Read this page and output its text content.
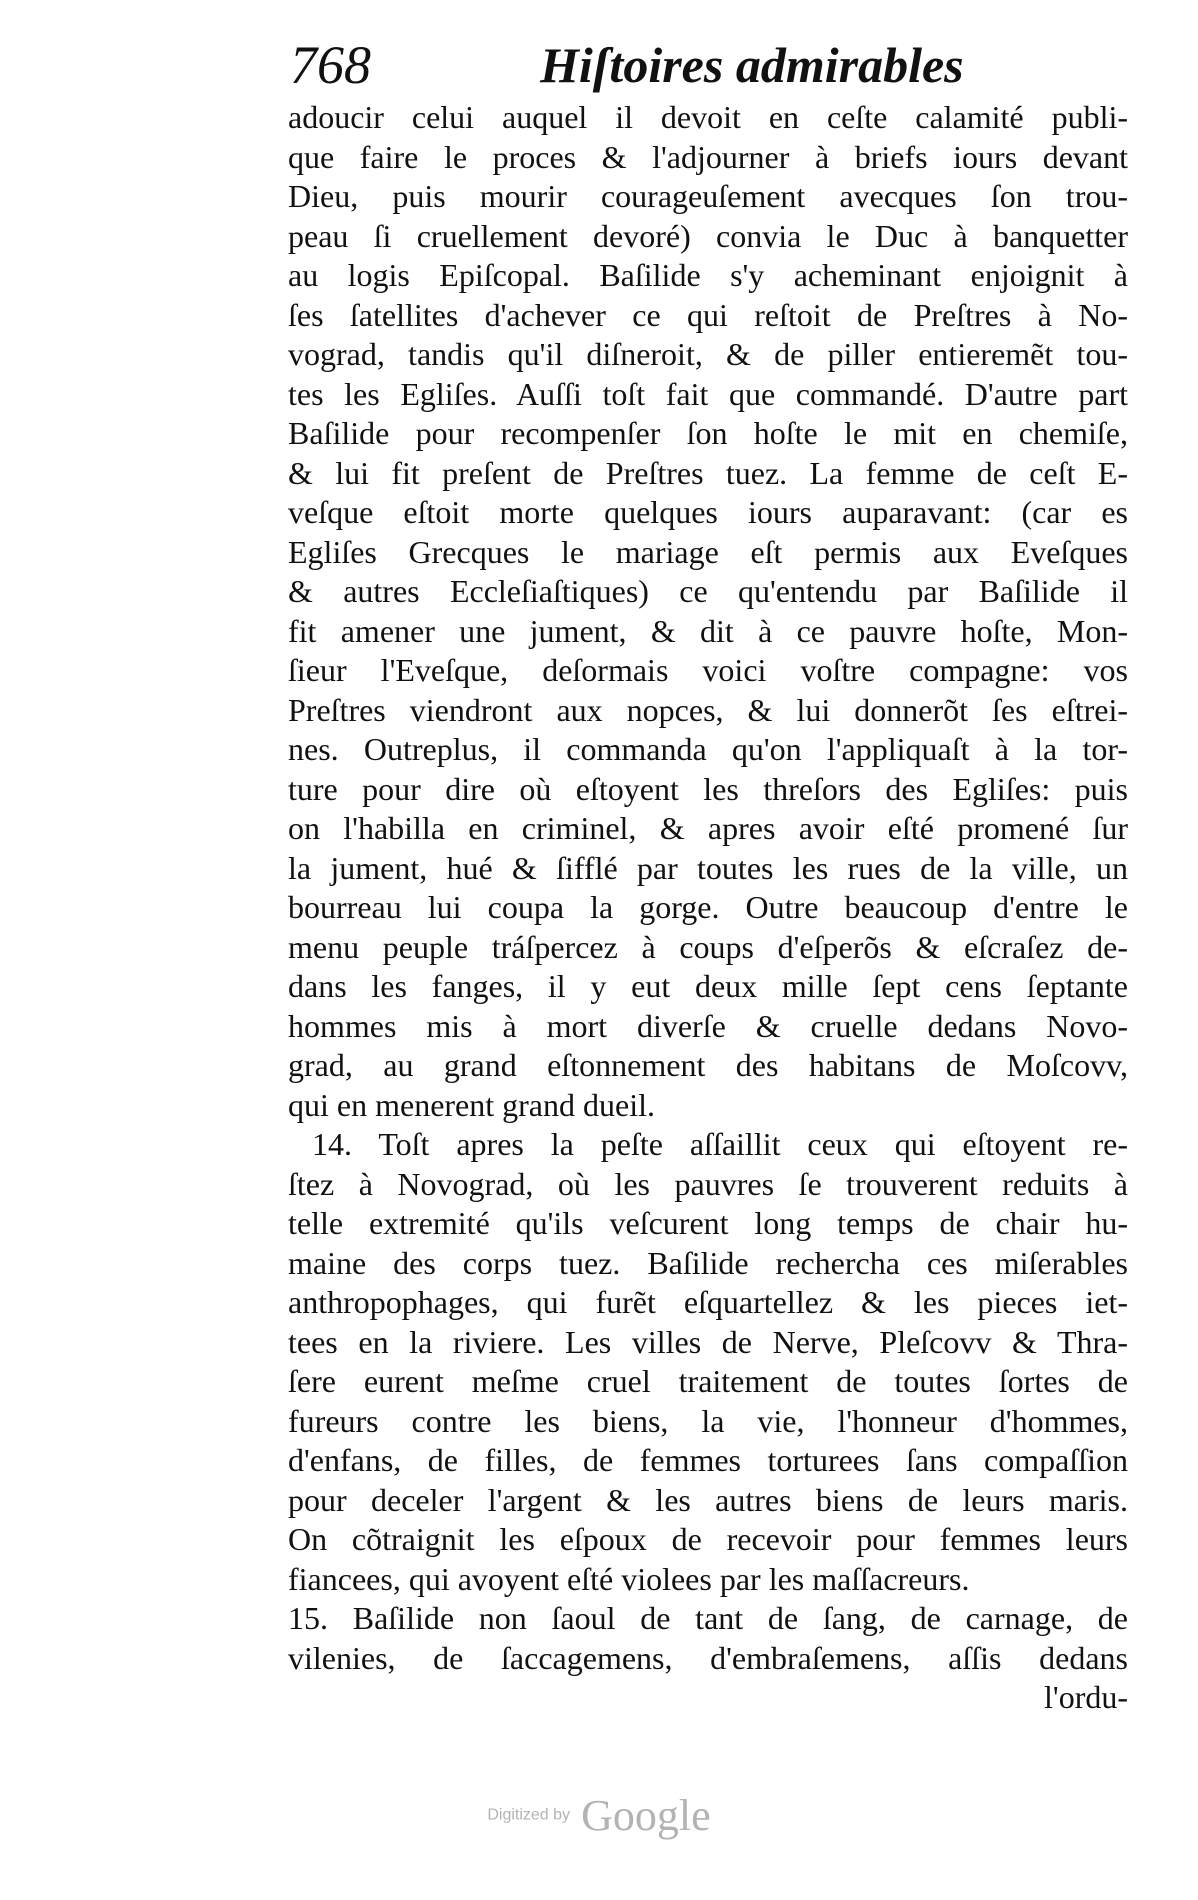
768	Hiſtoires admirables
adoucir celui auquel il devoit en ceſte calamité publi-
que faire le proces & l'adjourner à briefs iours devant
Dieu, puis mourir courageuſement avecques ſon trou-
peau ſi cruellement devoré) convia le Duc à banquetter
au logis Epiſcopal. Baſilide s'y acheminant enjoignit à
ſes ſatellites d'achever ce qui reſtoit de Preſtres à No-
vograd, tandis qu'il diſneroit, & de piller entieremẽt tou-
tes les Egliſes. Auſſi toſt fait que commandé. D'autre part
Baſilide pour recompenſer ſon hoſte le mit en chemiſe,
& lui fit preſent de Preſtres tuez. La femme de ceſt E-
veſque eſtoit morte quelques iours auparavant: (car es
Egliſes Grecques le mariage eſt permis aux Eveſques
& autres Eccleſiaſtiques) ce qu'entendu par Baſilide il
fit amener une jument, & dit à ce pauvre hoſte, Mon-
ſieur l'Eveſque, deſormais voici voſtre compagne: vos
Preſtres viendront aux nopces, & lui donnerõt ſes eſtrei-
nes. Outreplus, il commanda qu'on l'appliquaſt à la tor-
ture pour dire où eſtoyent les threſors des Egliſes: puis
on l'habilla en criminel, & apres avoir eſté promené ſur
la jument, hué & ſifflé par toutes les rues de la ville, un
bourreau lui coupa la gorge. Outre beaucoup d'entre le
menu peuple tráſpercez à coups d'eſperõs & eſcraſez de-
dans les fanges, il y eut deux mille ſept cens ſeptante
hommes mis à mort diverſe & cruelle dedans Novo-
grad, au grand eſtonnement des habitans de Moſcovv,
qui en menerent grand dueil.
14. Toſt apres la peſte aſſaillit ceux qui eſtoyent re-
ſtez à Novograd, où les pauvres ſe trouverent reduits à
telle extremité qu'ils veſcurent long temps de chair hu-
maine des corps tuez. Baſilide rechercha ces miſerables
anthropophages, qui furẽt eſquartellez & les pieces iet-
tees en la riviere. Les villes de Nerve, Pleſcovv & Thra-
ſere eurent meſme cruel traitement de toutes ſortes de
fureurs contre les biens, la vie, l'honneur d'hommes,
d'enfans, de filles, de femmes torturees ſans compaſſion
pour deceler l'argent & les autres biens de leurs maris.
On cõtraignit les eſpoux de recevoir pour femmes leurs
fiancees, qui avoyent eſté violees par les maſſacreurs.
15. Baſilide non ſaoul de tant de ſang, de carnage, de
vilenies, de ſaccagemens, d'embraſemens, aſſis dedans
l'ordu-
Digitized by Google
